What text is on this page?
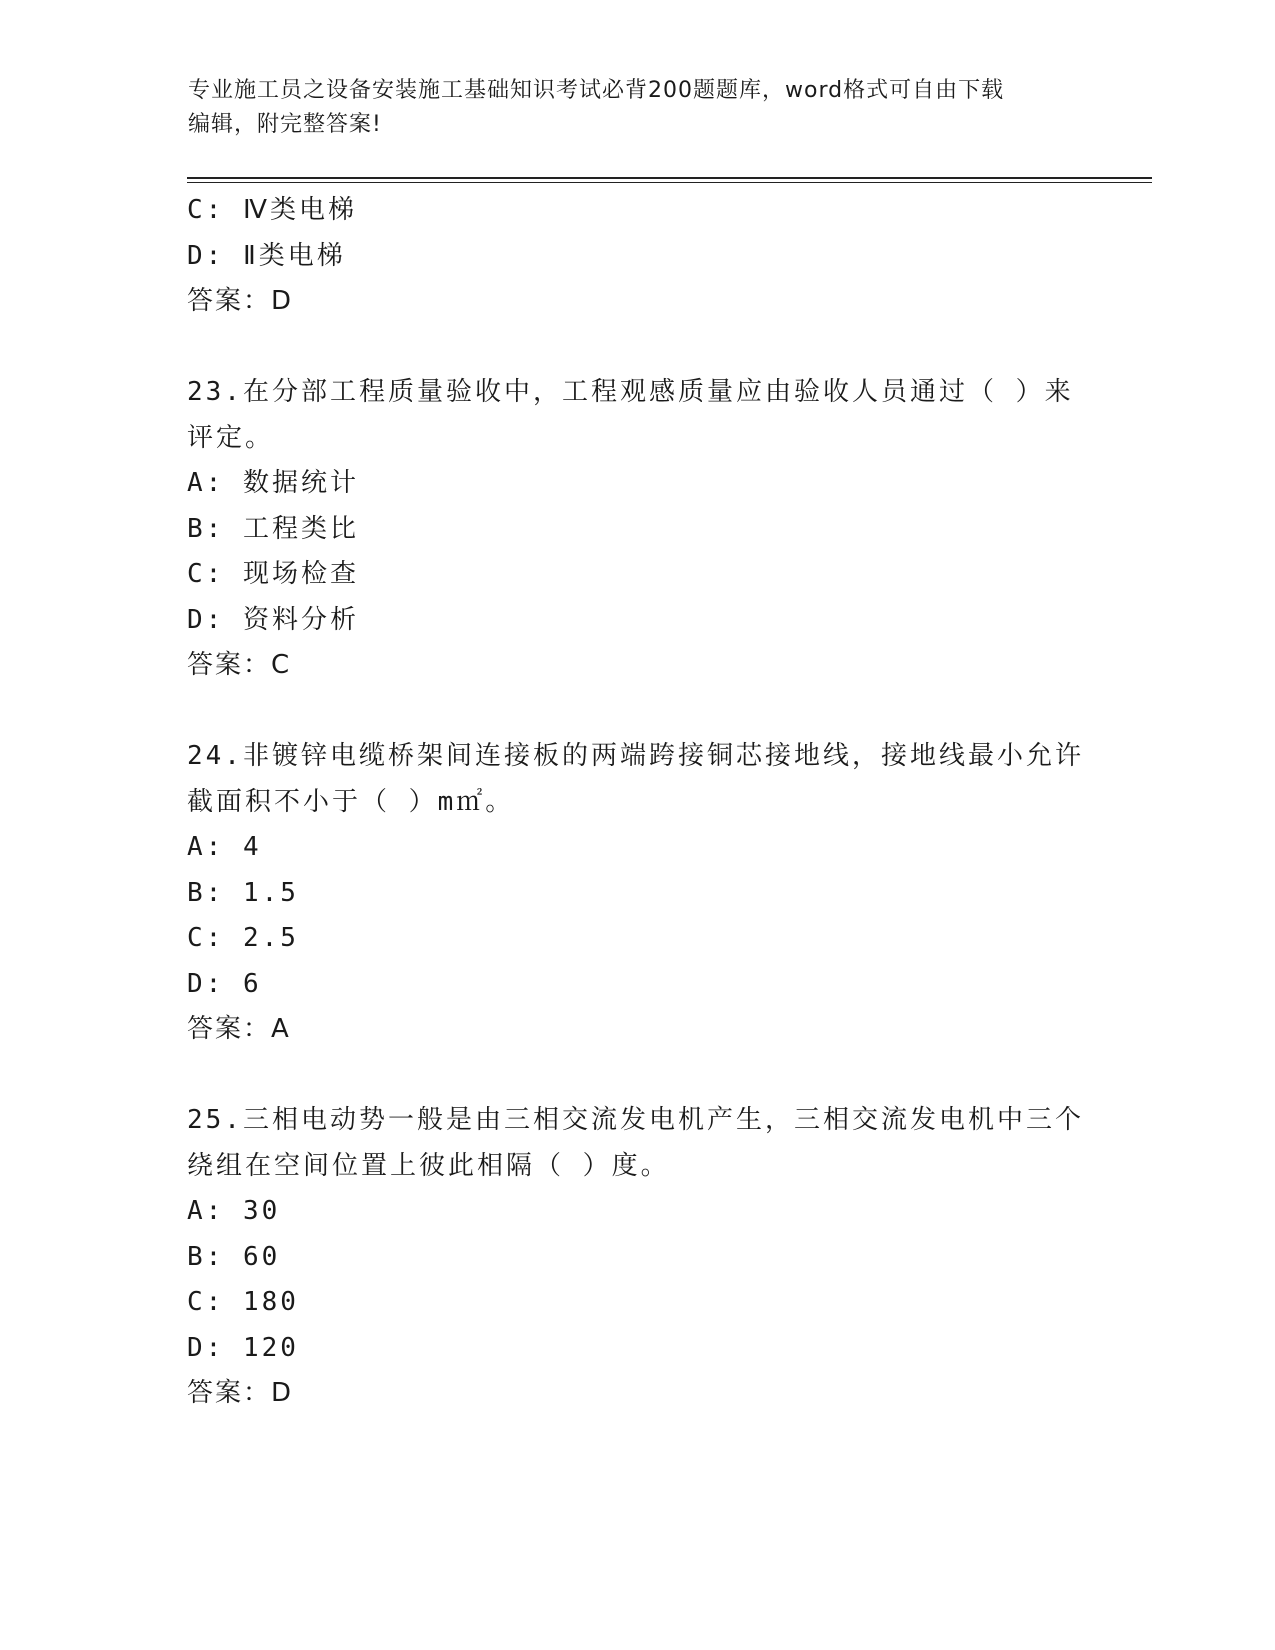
专业施工员之设备安装施工基础知识考试必背200题题库，word格式可自由下载
编辑，附完整答案!
C: Ⅳ类电梯
D: Ⅱ类电梯
答案：D
23.在分部工程质量验收中，工程观感质量应由验收人员通过（ ）来
评定。
A: 数据统计
B: 工程类比
C: 现场检查
D: 资料分析
答案：C
24.非镀锌电缆桥架间连接板的两端跨接铜芯接地线，接地线最小允许
截面积不小于（ ）m㎡。
A: 4
B: 1.5
C: 2.5
D: 6
答案：A
25.三相电动势一般是由三相交流发电机产生，三相交流发电机中三个
绕组在空间位置上彼此相隔（ ）度。
A: 30
B: 60
C: 180
D: 120
答案：D
